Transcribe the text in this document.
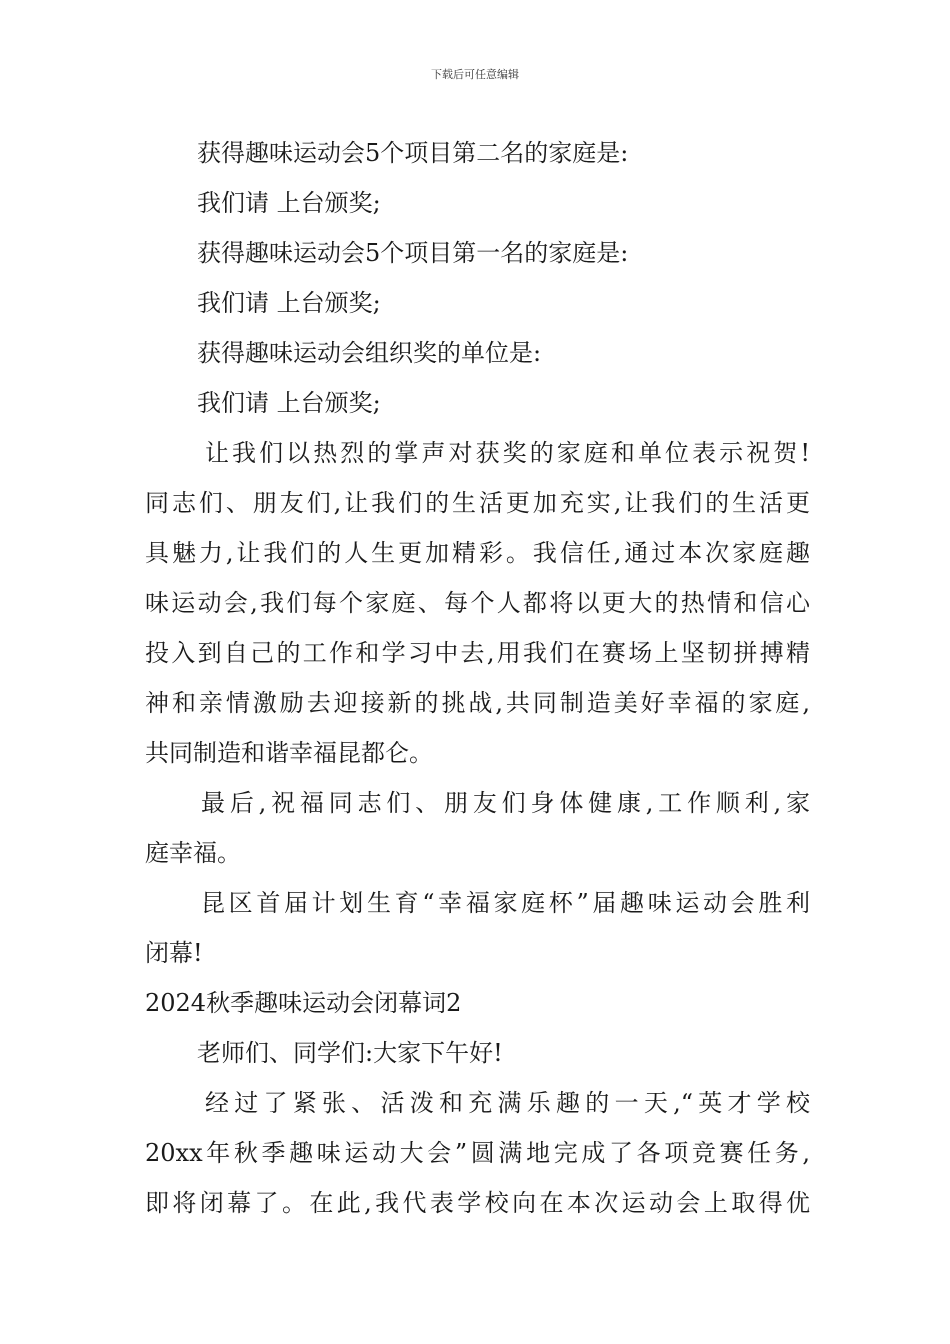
下载后可任意编辑
获得趣味运动会5个项目第二名的家庭是:
我们请 上台颁奖;
获得趣味运动会5个项目第一名的家庭是:
我们请 上台颁奖;
获得趣味运动会组织奖的单位是:
我们请 上台颁奖;
让我们以热烈的掌声对获奖的家庭和单位表示祝贺!
同志们、朋友们,让我们的生活更加充实,让我们的生活更
具魅力,让我们的人生更加精彩。我信任,通过本次家庭趣
味运动会,我们每个家庭、每个人都将以更大的热情和信心
投入到自己的工作和学习中去,用我们在赛场上坚韧拼搏精
神和亲情激励去迎接新的挑战,共同制造美好幸福的家庭,
共同制造和谐幸福昆都仑。
最后,祝福同志们、朋友们身体健康,工作顺利,家
庭幸福。
昆区首届计划生育“幸福家庭杯”届趣味运动会胜利
闭幕!
2024秋季趣味运动会闭幕词2
老师们、同学们:大家下午好!
经过了紧张、活泼和充满乐趣的一天,“英才学校
20xx年秋季趣味运动大会”圆满地完成了各项竞赛任务,
即将闭幕了。在此,我代表学校向在本次运动会上取得优
